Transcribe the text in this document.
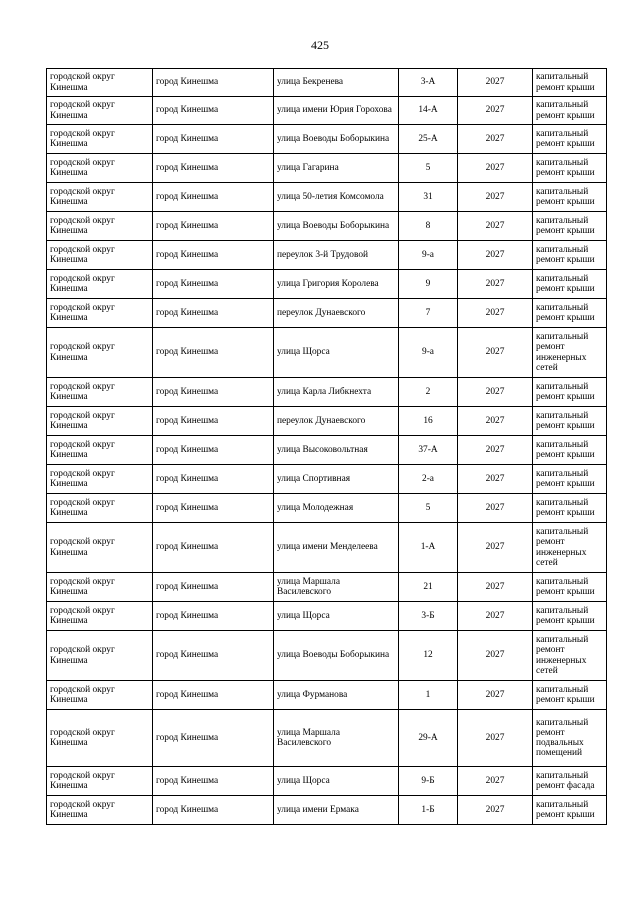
425
городской округ Кинешма	город Кинешма	улица Бекренева	3-А	2027	капитальный ремонт крыши
городской округ Кинешма	город Кинешма	улица имени Юрия Горохова	14-А	2027	капитальный ремонт крыши
городской округ Кинешма	город Кинешма	улица Воеводы Боборыкина	25-А	2027	капитальный ремонт крыши
городской округ Кинешма	город Кинешма	улица Гагарина	5	2027	капитальный ремонт крыши
городской округ Кинешма	город Кинешма	улица 50-летия Комсомола	31	2027	капитальный ремонт крыши
городской округ Кинешма	город Кинешма	улица Воеводы Боборыкина	8	2027	капитальный ремонт крыши
городской округ Кинешма	город Кинешма	переулок 3-й Трудовой	9-а	2027	капитальный ремонт крыши
городской округ Кинешма	город Кинешма	улица Григория Королева	9	2027	капитальный ремонт крыши
городской округ Кинешма	город Кинешма	переулок Дунаевского	7	2027	капитальный ремонт крыши
городской округ Кинешма	город Кинешма	улица Щорса	9-а	2027	капитальный ремонт инженерных сетей
городской округ Кинешма	город Кинешма	улица Карла Либкнехта	2	2027	капитальный ремонт крыши
городской округ Кинешма	город Кинешма	переулок Дунаевского	16	2027	капитальный ремонт крыши
городской округ Кинешма	город Кинешма	улица Высоковольтная	37-А	2027	капитальный ремонт крыши
городской округ Кинешма	город Кинешма	улица Спортивная	2-а	2027	капитальный ремонт крыши
городской округ Кинешма	город Кинешма	улица Молодежная	5	2027	капитальный ремонт крыши
городской округ Кинешма	город Кинешма	улица имени Менделеева	1-А	2027	капитальный ремонт инженерных сетей
городской округ Кинешма	город Кинешма	улица Маршала Василевского	21	2027	капитальный ремонт крыши
городской округ Кинешма	город Кинешма	улица Щорса	3-Б	2027	капитальный ремонт крыши
городской округ Кинешма	город Кинешма	улица Воеводы Боборыкина	12	2027	капитальный ремонт инженерных сетей
городской округ Кинешма	город Кинешма	улица Фурманова	1	2027	капитальный ремонт крыши
городской округ Кинешма	город Кинешма	улица Маршала Василевского	29-А	2027	капитальный ремонт подвальных помещений
городской округ Кинешма	город Кинешма	улица Щорса	9-Б	2027	капитальный ремонт фасада
городской округ Кинешма	город Кинешма	улица имени Ермака	1-Б	2027	капитальный ремонт крыши
